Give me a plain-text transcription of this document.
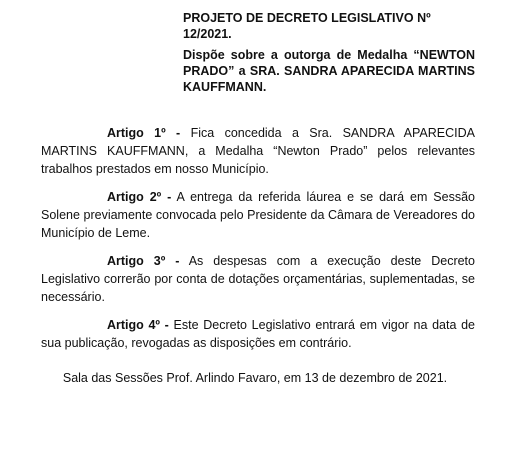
PROJETO DE DECRETO LEGISLATIVO Nº 12/2021.

Dispõe sobre a outorga de Medalha “NEWTON PRADO” a SRA. SANDRA APARECIDA MARTINS KAUFFMANN.

Artigo 1º - Fica concedida a Sra. SANDRA APARECIDA MARTINS KAUFFMANN, a Medalha “Newton Prado” pelos relevantes trabalhos prestados em nosso Município.

Artigo 2º - A entrega da referida láurea e se dará em Sessão Solene previamente convocada pelo Presidente da Câmara de Vereadores do Município de Leme.

Artigo 3º - As despesas com a execução deste Decreto Legislativo correrão por conta de dotações orçamentárias, suplementadas, se necessário.

Artigo 4º - Este Decreto Legislativo entrará em vigor na data de sua publicação, revogadas as disposições em contrário.

Sala das Sessões Prof. Arlindo Favaro, em 13 de dezembro de 2021.
